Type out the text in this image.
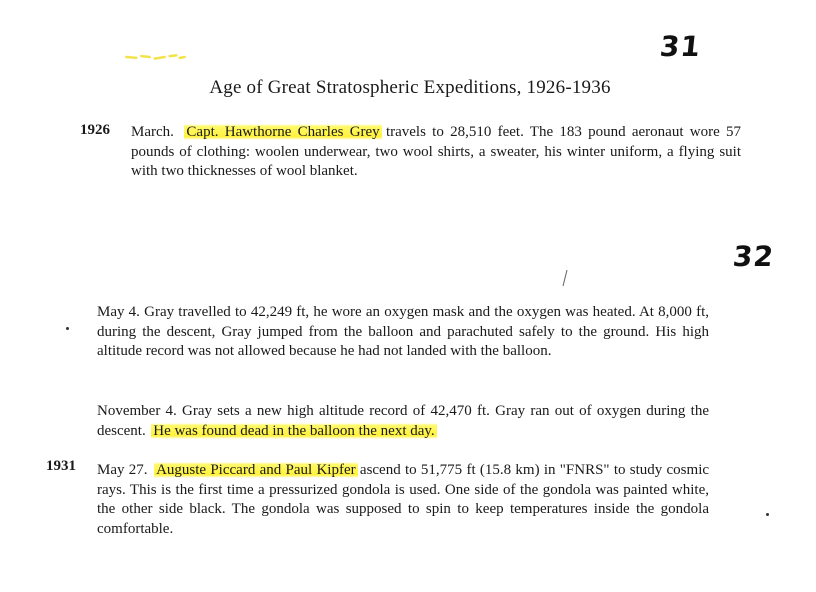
31
32
Age of Great Stratospheric Expeditions, 1926-1936
1926 March. Capt. Hawthorne Charles Grey travels to 28,510 feet. The 183 pound aeronaut wore 57 pounds of clothing: woolen underwear, two wool shirts, a sweater, his winter uniform, a flying suit with two thicknesses of wool blanket.
May 4. Gray travelled to 42,249 ft, he wore an oxygen mask and the oxygen was heated. At 8,000 ft, during the descent, Gray jumped from the balloon and parachuted safely to the ground. His high altitude record was not allowed because he had not landed with the balloon.
November 4. Gray sets a new high altitude record of 42,470 ft. Gray ran out of oxygen during the descent. He was found dead in the balloon the next day.
1931 May 27. Auguste Piccard and Paul Kipfer ascend to 51,775 ft (15.8 km) in "FNRS" to study cosmic rays. This is the first time a pressurized gondola is used. One side of the gondola was painted white, the other side black. The gondola was supposed to spin to keep temperatures inside the gondola comfortable.
